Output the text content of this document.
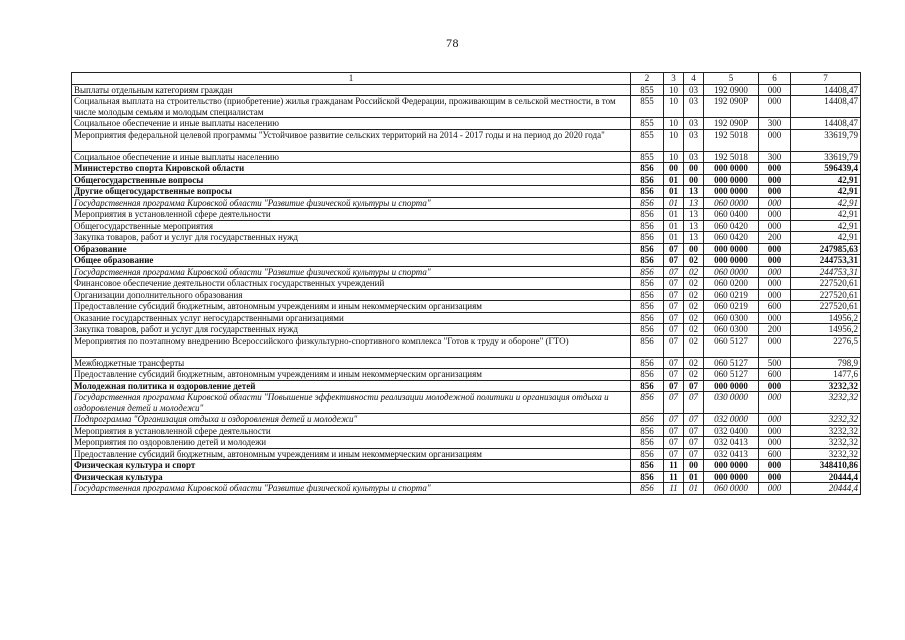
78
1	2	3	4	5	6	7
Выплаты отдельным категориям граждан	855	10	03	192 0900	000	14408,47
Социальная выплата на строительство (приобретение) жилья гражданам Российской Федерации, проживающим в сельской местности, в том числе молодым семьям и молодым специалистам	855	10	03	192 090P	000	14408,47
Социальное обеспечение и иные выплаты населению	855	10	03	192 090P	300	14408,47
Мероприятия федеральной целевой программы "Устойчивое развитие сельских территорий на 2014 - 2017 годы и на период до 2020 года"	855	10	03	192 5018	000	33619,79
Социальное обеспечение и иные выплаты населению	855	10	03	192 5018	300	33619,79
Министерство спорта Кировской области	856	00	00	000 0000	000	596439,4
Общегосударственные вопросы	856	01	00	000 0000	000	42,91
Другие общегосударственные вопросы	856	01	13	000 0000	000	42,91
Государственная программа Кировской области "Развитие физической культуры и спорта"	856	01	13	060 0000	000	42,91
Мероприятия в установленной сфере деятельности	856	01	13	060 0400	000	42,91
Общегосударственные мероприятия	856	01	13	060 0420	000	42,91
Закупка товаров, работ и услуг для государственных нужд	856	01	13	060 0420	200	42,91
Образование	856	07	00	000 0000	000	247985,63
Общее образование	856	07	02	000 0000	000	244753,31
Государственная программа Кировской области "Развитие физической культуры и спорта"	856	07	02	060 0000	000	244753,31
Финансовое обеспечение деятельности областных государственных учреждений	856	07	02	060 0200	000	227520,61
Организации дополнительного образования	856	07	02	060 0219	000	227520,61
Предоставление субсидий бюджетным, автономным учреждениям и иным некоммерческим организациям	856	07	02	060 0219	600	227520,61
Оказание государственных услуг негосударственными организациями	856	07	02	060 0300	000	14956,2
Закупка товаров, работ и услуг для государственных нужд	856	07	02	060 0300	200	14956,2
Мероприятия по поэтапному внедрению Всероссийского физкультурно-спортивного комплекса "Готов к труду и обороне" (ГТО)	856	07	02	060 5127	000	2276,5
Межбюджетные трансферты	856	07	02	060 5127	500	798,9
Предоставление субсидий бюджетным, автономным учреждениям и иным некоммерческим организациям	856	07	02	060 5127	600	1477,6
Молодежная политика и оздоровление детей	856	07	07	000 0000	000	3232,32
Государственная программа Кировской области "Повышение эффективности реализации молодежной политики и организация отдыха и оздоровления детей и молодежи"	856	07	07	030 0000	000	3232,32
Подпрограмма "Организация отдыха и оздоровления детей и молодежи"	856	07	07	032 0000	000	3232,32
Мероприятия в установленной сфере деятельности	856	07	07	032 0400	000	3232,32
Мероприятия по оздоровлению детей и молодежи	856	07	07	032 0413	000	3232,32
Предоставление субсидий бюджетным, автономным учреждениям и иным некоммерческим организациям	856	07	07	032 0413	600	3232,32
Физическая культура и спорт	856	11	00	000 0000	000	348410,86
Физическая культура	856	11	01	000 0000	000	20444,4
Государственная программа Кировской области "Развитие физической культуры и спорта"	856	11	01	060 0000	000	20444,4
